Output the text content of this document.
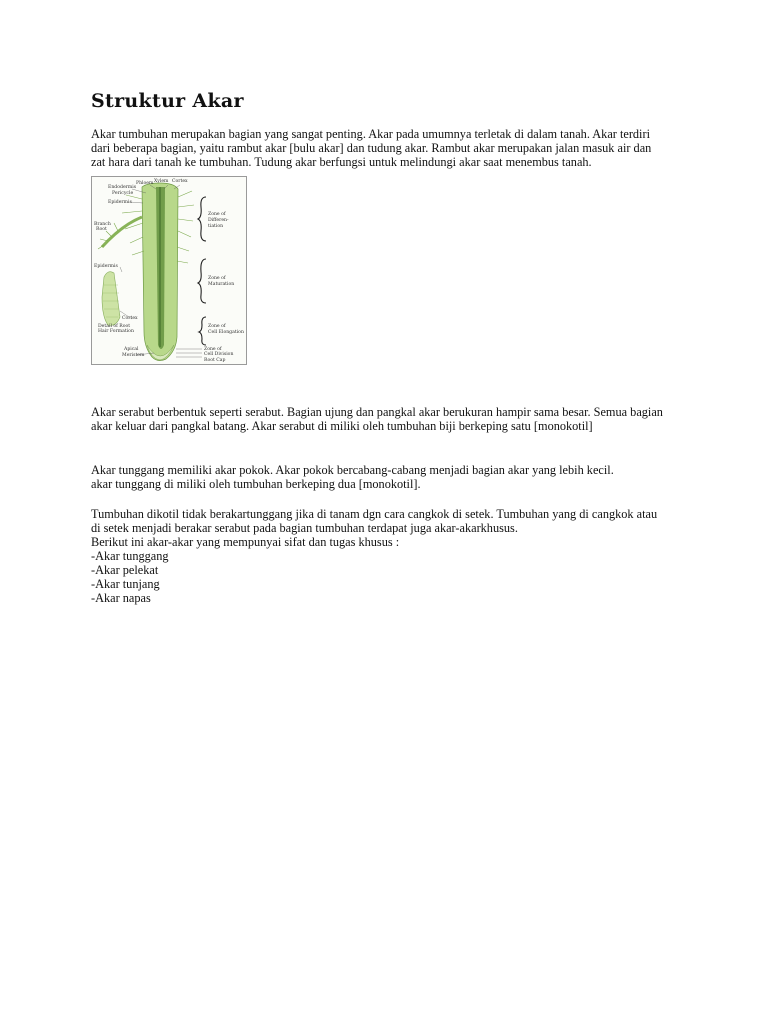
Struktur Akar

Akar tumbuhan merupakan bagian yang sangat penting. Akar pada umumnya terletak di dalam tanah. Akar terdiri
dari beberapa bagian, yaitu rambut akar [bulu akar] dan tudung akar. Rambut akar merupakan jalan masuk air dan
zat hara dari tanah ke tumbuhan. Tudung akar berfungsi untuk melindungi akar saat menembus tanah.

Phloem Xylem Cortex
Endodermis
Pericycle
Epidermis
Branch
Root
Epidermis
Cortex
Detail of Root
Hair Formation
Apical
Meristem
Zone of
Differen-
tiation
Zone of
Maturation
Zone of
Cell Elongation
Zone of
Cell Division
Root Cap

Akar serabut berbentuk seperti serabut. Bagian ujung dan pangkal akar berukuran hampir sama besar. Semua bagian
akar keluar dari pangkal batang. Akar serabut di miliki oleh tumbuhan biji berkeping satu [monokotil]

Akar tunggang memiliki akar pokok. Akar pokok bercabang-cabang menjadi bagian akar yang lebih kecil.
akar tunggang di miliki oleh tumbuhan berkeping dua [monokotil].

Tumbuhan dikotil tidak berakartunggang jika di tanam dgn cara cangkok di setek. Tumbuhan yang di cangkok atau
di setek menjadi berakar serabut pada bagian tumbuhan terdapat juga akar-akarkhusus.
Berikut ini akar-akar yang mempunyai sifat dan tugas khusus :
-Akar tunggang
-Akar pelekat
-Akar tunjang
-Akar napas
